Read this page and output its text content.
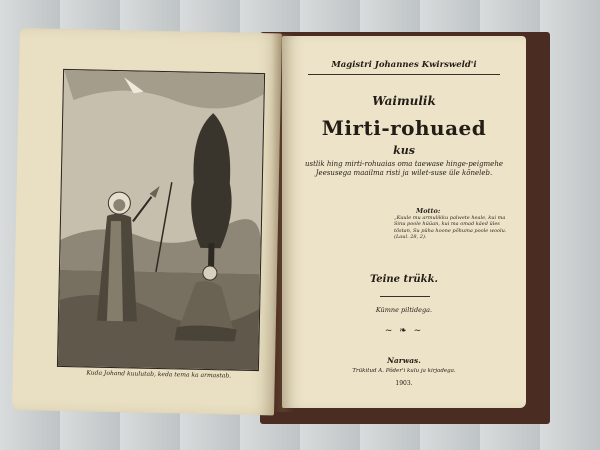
Kuda Johand kuulutab, keda tema ka armastab.
Magistri Johannes Kwirsweld'i
Waimulik
Mirti-rohuaed
kus
ustlik hing mirti-rohuaias oma taewase hinge-peigmehe Jeesusega maailma risti ja wilet-suse üle kõneleb.
Motto:
„Kuule mu armulikku palwete heale, kui ma Sinu poole hüüan, kui ma omad käed üles tõstan, Su püha hoone põhuma poole woolu. (Laul. 28, 2).
Teine trükk.
Kümne piltidega.
~ ❧ ~
Narwas.
Trükitud A. Põder'i kulu ja kirjadega.
1903.
